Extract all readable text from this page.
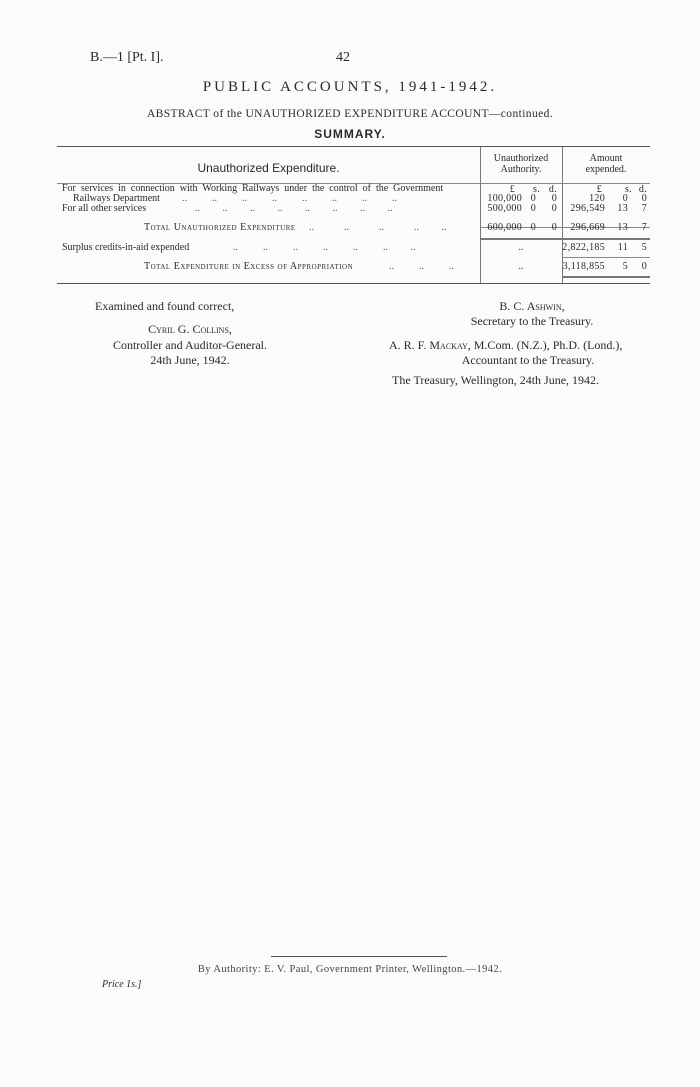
B.—1 [Pt. I].	42
PUBLIC ACCOUNTS, 1941-1942.
ABSTRACT of the UNAUTHORIZED EXPENDITURE ACCOUNT—continued.
SUMMARY.
Unauthorized Expenditure.
Unauthorized
Authority.
Amount
expended.
£	s. d.	£	s. d.
For services in connection with Working Railways under the control of the Government
Railways Department ..          ..          ..          ..          ..          ..          ..          ..	100,000 0	0	120	0	0
For all other services	..         ..         ..         ..         ..         ..         ..         ..	500,000 0	0	296,549	13	7
Total Unauthorized Expenditure ..            ..            ..            ..         ..	600,000 0	0	296,669	13	7
Surplus credits-in-aid expended	..          ..          ..          ..          ..          ..         ..	..	2,822,185	11	5
Total Expenditure in Excess of Appropriation	..          ..          ..	..	3,118,855	5	0
Examined and found correct,
Cyril G. Collins,
Controller and Auditor-General.
24th June, 1942.
B. C. Ashwin,
Secretary to the Treasury.
A. R. F. Mackay, M.Com. (N.Z.), Ph.D. (Lond.),
Accountant to the Treasury.
The Treasury, Wellington, 24th June, 1942.
By Authority: E. V. Paul, Government Printer, Wellington.—1942.
Price 1s.]
